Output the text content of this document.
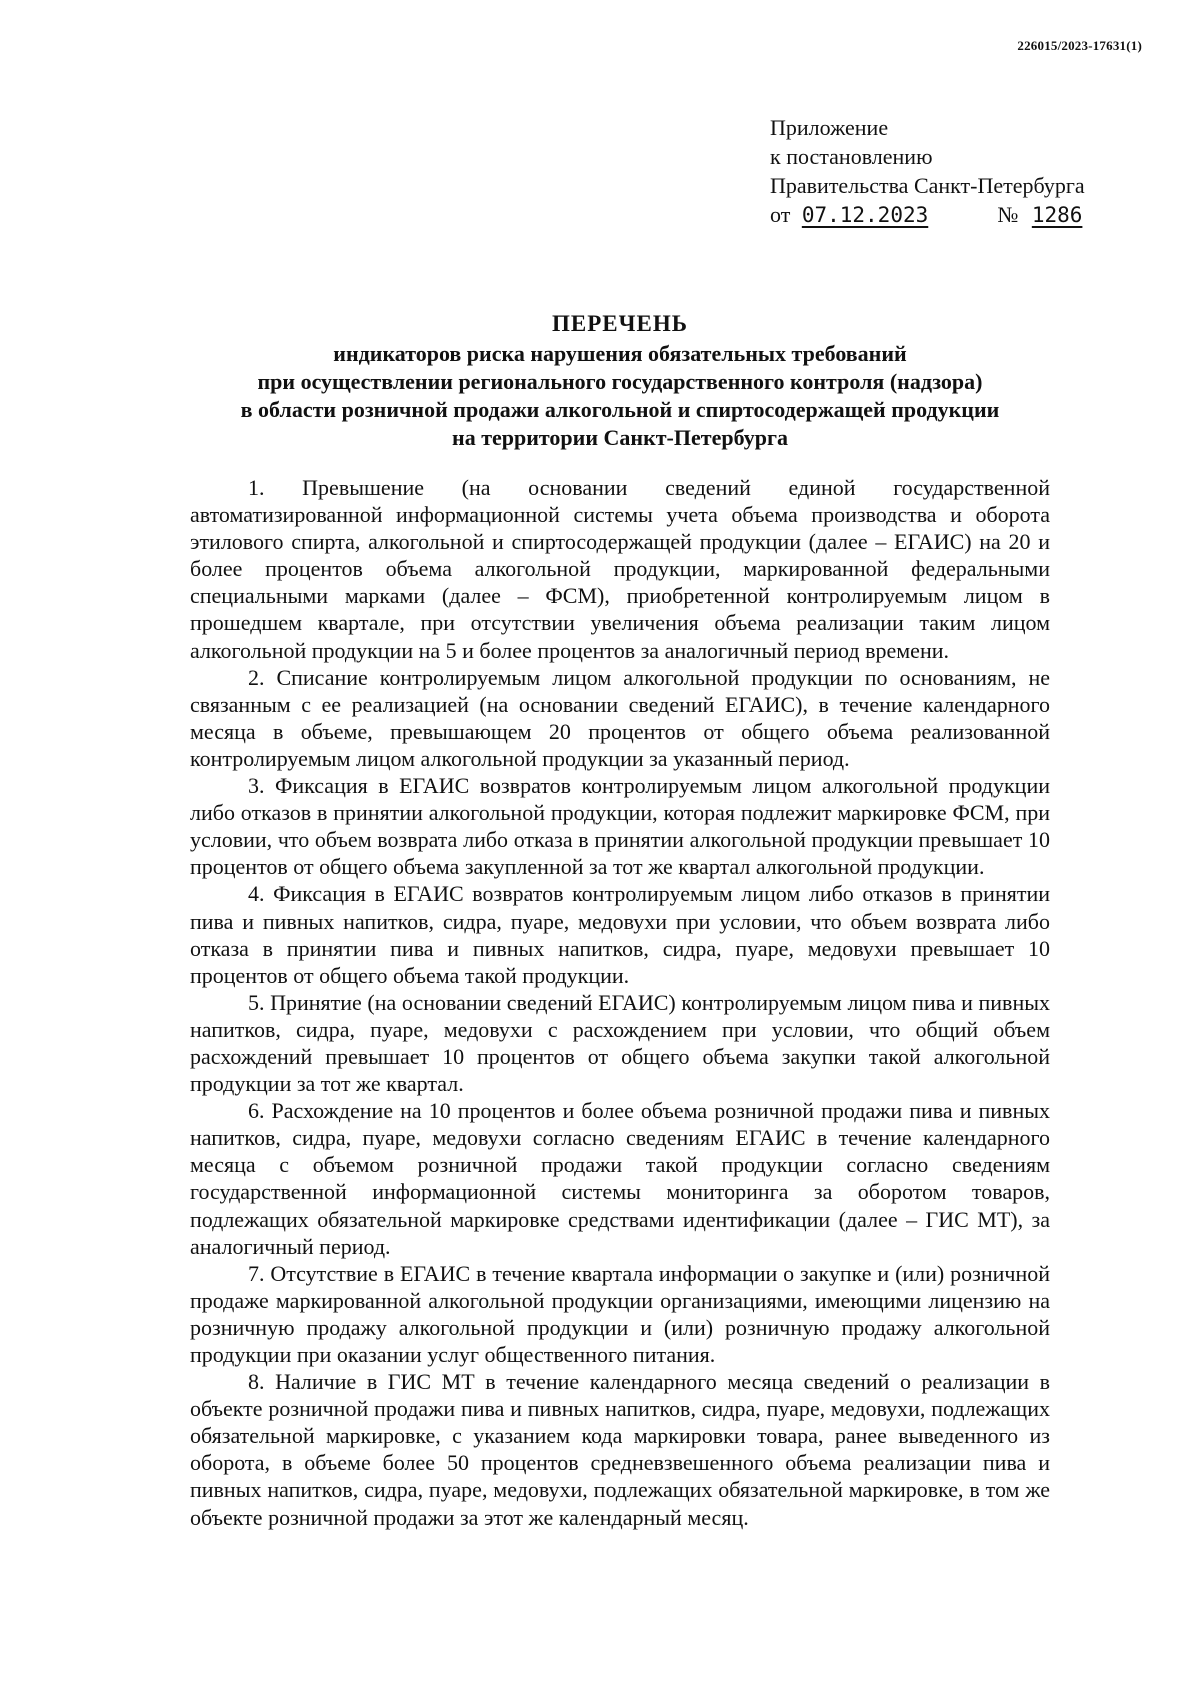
226015/2023-17631(1)
Приложение
к постановлению
Правительства Санкт-Петербурга
от 07.12.2023	№ 1286
ПЕРЕЧЕНЬ
индикаторов риска нарушения обязательных требований
при осуществлении регионального государственного контроля (надзора)
в области розничной продажи алкогольной и спиртосодержащей продукции
на территории Санкт-Петербурга

1. Превышение (на основании сведений единой государственной автоматизированной информационной системы учета объема производства и оборота этилового спирта, алкогольной и спиртосодержащей продукции (далее – ЕГАИС) на 20 и более процентов объема алкогольной продукции, маркированной федеральными специальными марками (далее – ФСМ), приобретенной контролируемым лицом в прошедшем квартале, при отсутствии увеличения объема реализации таким лицом алкогольной продукции на 5 и более процентов за аналогичный период времени.

2. Списание контролируемым лицом алкогольной продукции по основаниям, не связанным с ее реализацией (на основании сведений ЕГАИС), в течение календарного месяца в объеме, превышающем 20 процентов от общего объема реализованной контролируемым лицом алкогольной продукции за указанный период.

3. Фиксация в ЕГАИС возвратов контролируемым лицом алкогольной продукции либо отказов в принятии алкогольной продукции, которая подлежит маркировке ФСМ, при условии, что объем возврата либо отказа в принятии алкогольной продукции превышает 10 процентов от общего объема закупленной за тот же квартал алкогольной продукции.

4. Фиксация в ЕГАИС возвратов контролируемым лицом либо отказов в принятии пива и пивных напитков, сидра, пуаре, медовухи при условии, что объем возврата либо отказа в принятии пива и пивных напитков, сидра, пуаре, медовухи превышает 10 процентов от общего объема такой продукции.

5. Принятие (на основании сведений ЕГАИС) контролируемым лицом пива и пивных напитков, сидра, пуаре, медовухи с расхождением при условии, что общий объем расхождений превышает 10 процентов от общего объема закупки такой алкогольной продукции за тот же квартал.

6. Расхождение на 10 процентов и более объема розничной продажи пива и пивных напитков, сидра, пуаре, медовухи согласно сведениям ЕГАИС в течение календарного месяца с объемом розничной продажи такой продукции согласно сведениям государственной информационной системы мониторинга за оборотом товаров, подлежащих обязательной маркировке средствами идентификации (далее – ГИС МТ), за аналогичный период.

7. Отсутствие в ЕГАИС в течение квартала информации о закупке и (или) розничной продаже маркированной алкогольной продукции организациями, имеющими лицензию на розничную продажу алкогольной продукции и (или) розничную продажу алкогольной продукции при оказании услуг общественного питания.

8. Наличие в ГИС МТ в течение календарного месяца сведений о реализации в объекте розничной продажи пива и пивных напитков, сидра, пуаре, медовухи, подлежащих обязательной маркировке, с указанием кода маркировки товара, ранее выведенного из оборота, в объеме более 50 процентов средневзвешенного объема реализации пива и пивных напитков, сидра, пуаре, медовухи, подлежащих обязательной маркировке, в том же объекте розничной продажи за этот же календарный месяц.
